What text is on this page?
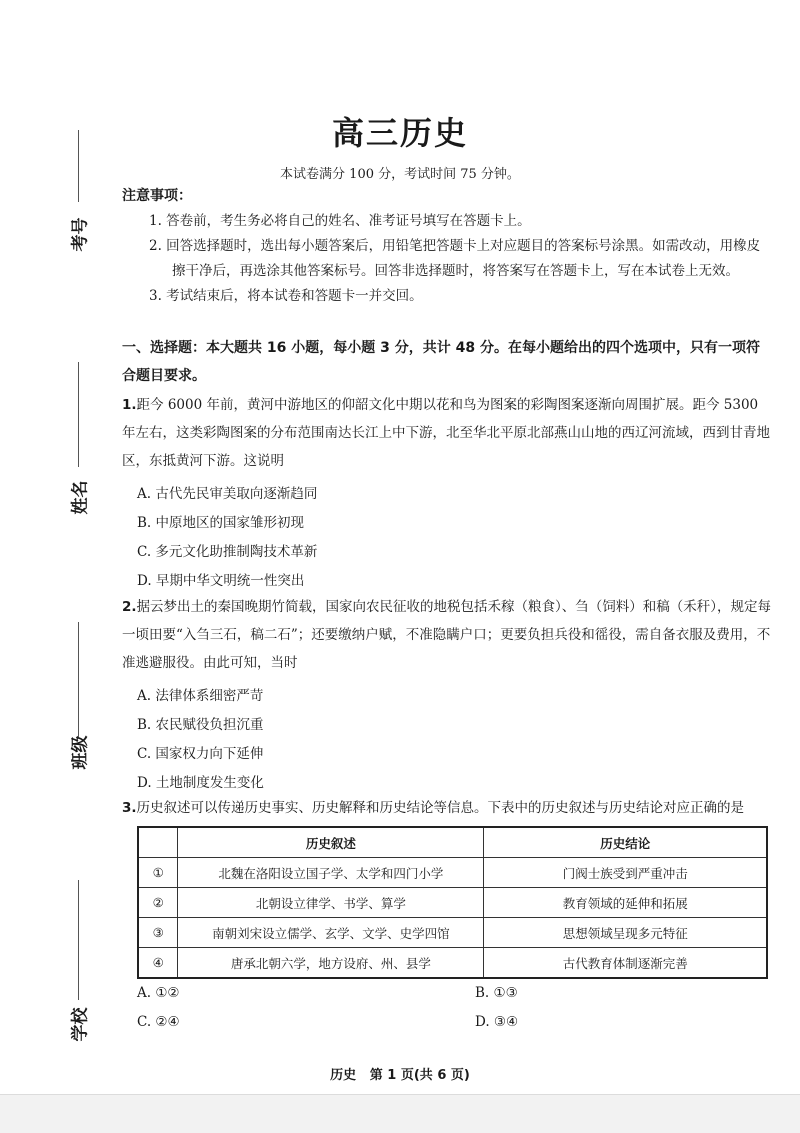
考号
姓名
班级
学校
高三历史
本试卷满分 100 分，考试时间 75 分钟。
注意事项：
1. 答卷前，考生务必将自己的姓名、准考证号填写在答题卡上。
2. 回答选择题时，选出每小题答案后，用铅笔把答题卡上对应题目的答案标号涂黑。如需改动，用橡皮
擦干净后，再选涂其他答案标号。回答非选择题时，将答案写在答题卡上，写在本试卷上无效。
3. 考试结束后，将本试卷和答题卡一并交回。
一、选择题：本大题共 16 小题，每小题 3 分，共计 48 分。在每小题给出的四个选项中，只有一项符合题目要求。
1.距今 6000 年前，黄河中游地区的仰韶文化中期以花和鸟为图案的彩陶图案逐渐向周围扩展。距今 5300 年左右，这类彩陶图案的分布范围南达长江上中下游，北至华北平原北部燕山山地的西辽河流域，西到甘青地区，东抵黄河下游。这说明
A. 古代先民审美取向逐渐趋同
B. 中原地区的国家雏形初现
C. 多元文化助推制陶技术革新
D. 早期中华文明统一性突出
2.据云梦出土的秦国晚期竹简载，国家向农民征收的地税包括禾稼（粮食）、刍（饲料）和稿（禾秆），规定每一顷田要“入刍三石，稿二石”；还要缴纳户赋，不准隐瞒户口；更要负担兵役和徭役，需自备衣服及费用，不准逃避服役。由此可知，当时
A. 法律体系细密严苛
B. 农民赋役负担沉重
C. 国家权力向下延伸
D. 土地制度发生变化
3.历史叙述可以传递历史事实、历史解释和历史结论等信息。下表中的历史叙述与历史结论对应正确的是
	历史叙述	历史结论
①	北魏在洛阳设立国子学、太学和四门小学	门阀士族受到严重冲击
②	北朝设立律学、书学、算学	教育领域的延伸和拓展
③	南朝刘宋设立儒学、玄学、文学、史学四馆	思想领域呈现多元特征
④	唐承北朝六学，地方设府、州、县学	古代教育体制逐渐完善
A. ①②	B. ①③
C. ②④	D. ③④
历史 第 1 页(共 6 页)
